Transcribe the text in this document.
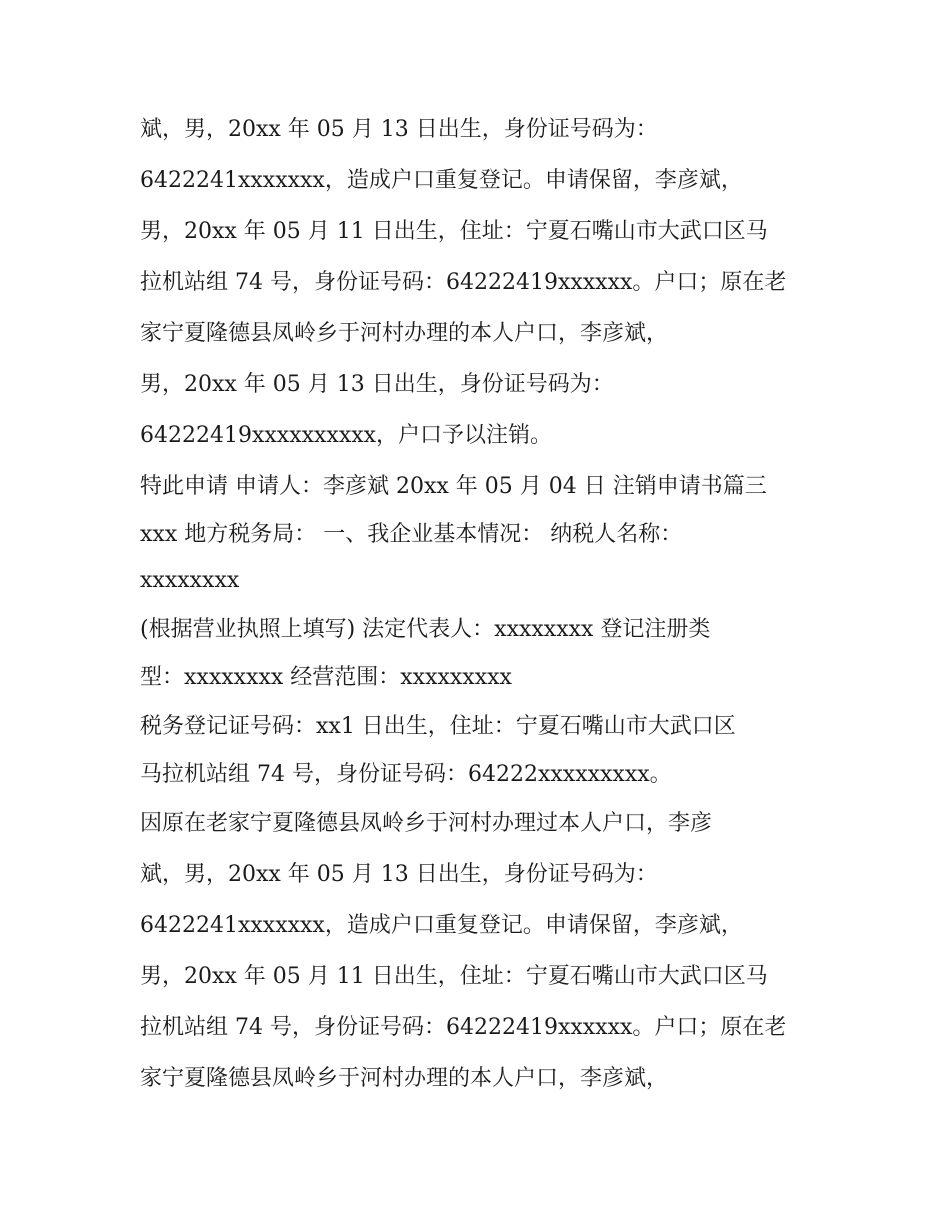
斌，男，20xx 年 05 月 13 日出生，身份证号码为：
6422241xxxxxxx，造成户口重复登记。申请保留，李彦斌，
男，20xx 年 05 月 11 日出生，住址：宁夏石嘴山市大武口区马
拉机站组 74 号，身份证号码：64222419xxxxxx。户口；原在老
家宁夏隆德县凤岭乡于河村办理的本人户口，李彦斌，
男，20xx 年 05 月 13 日出生，身份证号码为：
64222419xxxxxxxxxx，户口予以注销。
特此申请 申请人：李彦斌 20xx 年 05 月 04 日 注销申请书篇三
xxx 地方税务局： 一、我企业基本情况： 纳税人名称：
xxxxxxxx
(根据营业执照上填写) 法定代表人：xxxxxxxx 登记注册类
型：xxxxxxxx 经营范围：xxxxxxxxx
税务登记证号码：xx1 日出生，住址：宁夏石嘴山市大武口区
马拉机站组 74 号，身份证号码：64222xxxxxxxxx。
因原在老家宁夏隆德县凤岭乡于河村办理过本人户口，李彦
斌，男，20xx 年 05 月 13 日出生，身份证号码为：
6422241xxxxxxx，造成户口重复登记。申请保留，李彦斌，
男，20xx 年 05 月 11 日出生，住址：宁夏石嘴山市大武口区马
拉机站组 74 号，身份证号码：64222419xxxxxx。户口；原在老
家宁夏隆德县凤岭乡于河村办理的本人户口，李彦斌，
